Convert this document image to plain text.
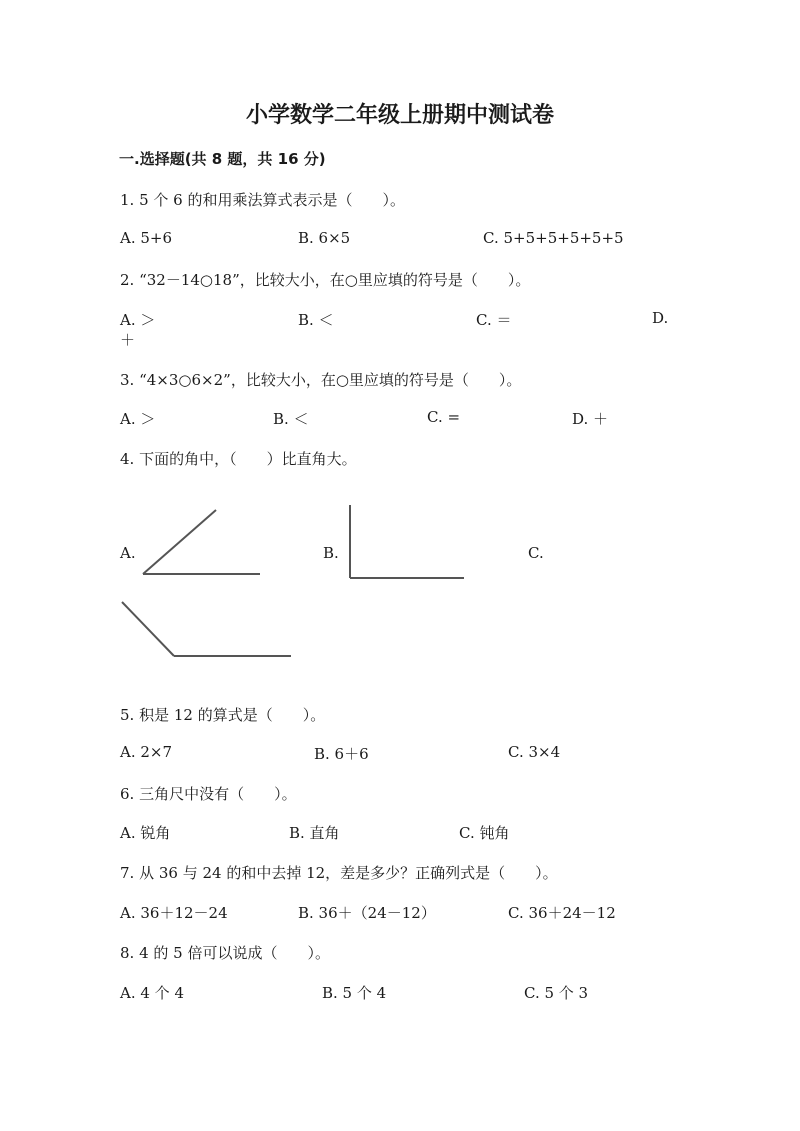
小学数学二年级上册期中测试卷
一.选择题(共 8 题，共 16 分)
1. 5 个 6 的和用乘法算式表示是（　　）。
A. 5+6	B. 6×5	C. 5+5+5+5+5+5
2. “32－14○18”，比较大小，在○里应填的符号是（　　）。
A. ＞	B. ＜	C. ＝	D.
＋
3. “4×3○6×2”，比较大小，在○里应填的符号是（　　）。
A. ＞	B. ＜	C. =	D. ＋
4. 下面的角中，（　　）比直角大。
A.	B.	C.
5. 积是 12 的算式是（　　）。
A. 2×7	B. 6＋6	C. 3×4
6. 三角尺中没有（　　）。
A. 锐角	B. 直角	C. 钝角
7. 从 36 与 24 的和中去掉 12，差是多少？正确列式是（　　）。
A. 36＋12－24	B. 36＋（24－12）	C. 36＋24－12
8. 4 的 5 倍可以说成（　　）。
A. 4 个 4	B. 5 个 4	C. 5 个 3
